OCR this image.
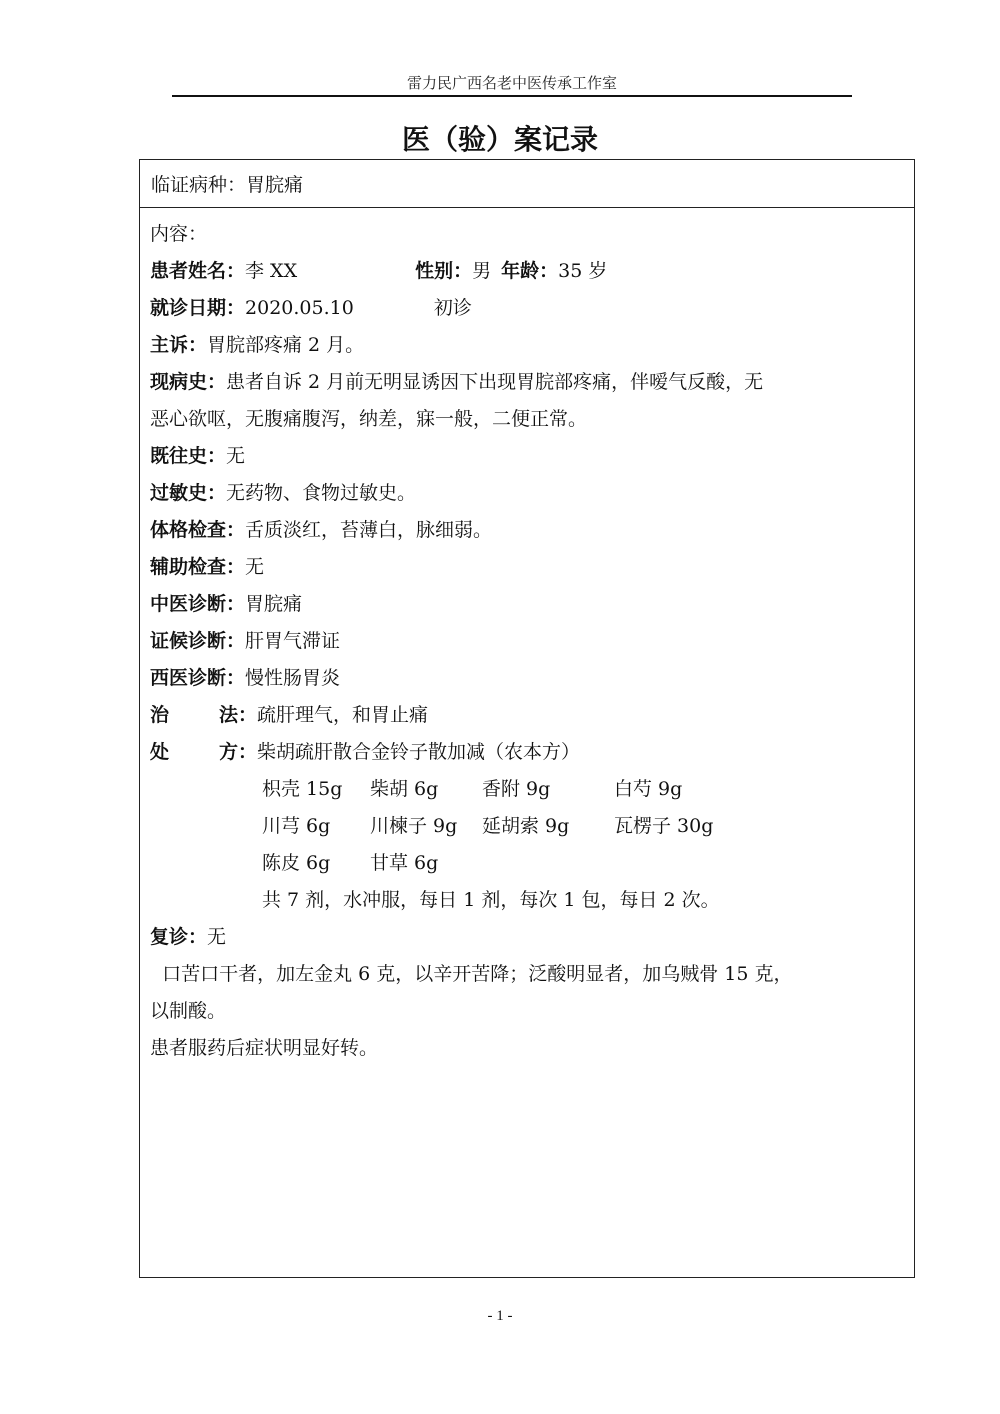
雷力民广西名老中医传承工作室
医（验）案记录
临证病种： 胃脘痛
内容：
患者姓名：李 XX	性别：男 年龄：35 岁
就诊日期：2020.05.10	初诊
主诉：胃脘部疼痛 2 月。
现病史：患者自诉 2 月前无明显诱因下出现胃脘部疼痛，伴嗳气反酸，无
恶心欲呕，无腹痛腹泻，纳差，寐一般，二便正常。
既往史：无
过敏史：无药物、食物过敏史。
体格检查：舌质淡红，苔薄白，脉细弱。
辅助检查：无
中医诊断：胃脘痛
证候诊断：肝胃气滞证
西医诊断：慢性肠胃炎
治	法：疏肝理气，和胃止痛
处	方：柴胡疏肝散合金铃子散加减（农本方）
枳壳 15g 柴胡 6g 香附 9g	白芍 9g
川芎 6g 川楝子 9g 延胡索 9g 瓦楞子 30g
陈皮 6g 甘草 6g
共 7 剂，水冲服，每日 1 剂，每次 1 包，每日 2 次。
复诊：无
口苦口干者，加左金丸 6 克，以辛开苦降；泛酸明显者，加乌贼骨 15 克，
以制酸。
患者服药后症状明显好转。
- 1 -
